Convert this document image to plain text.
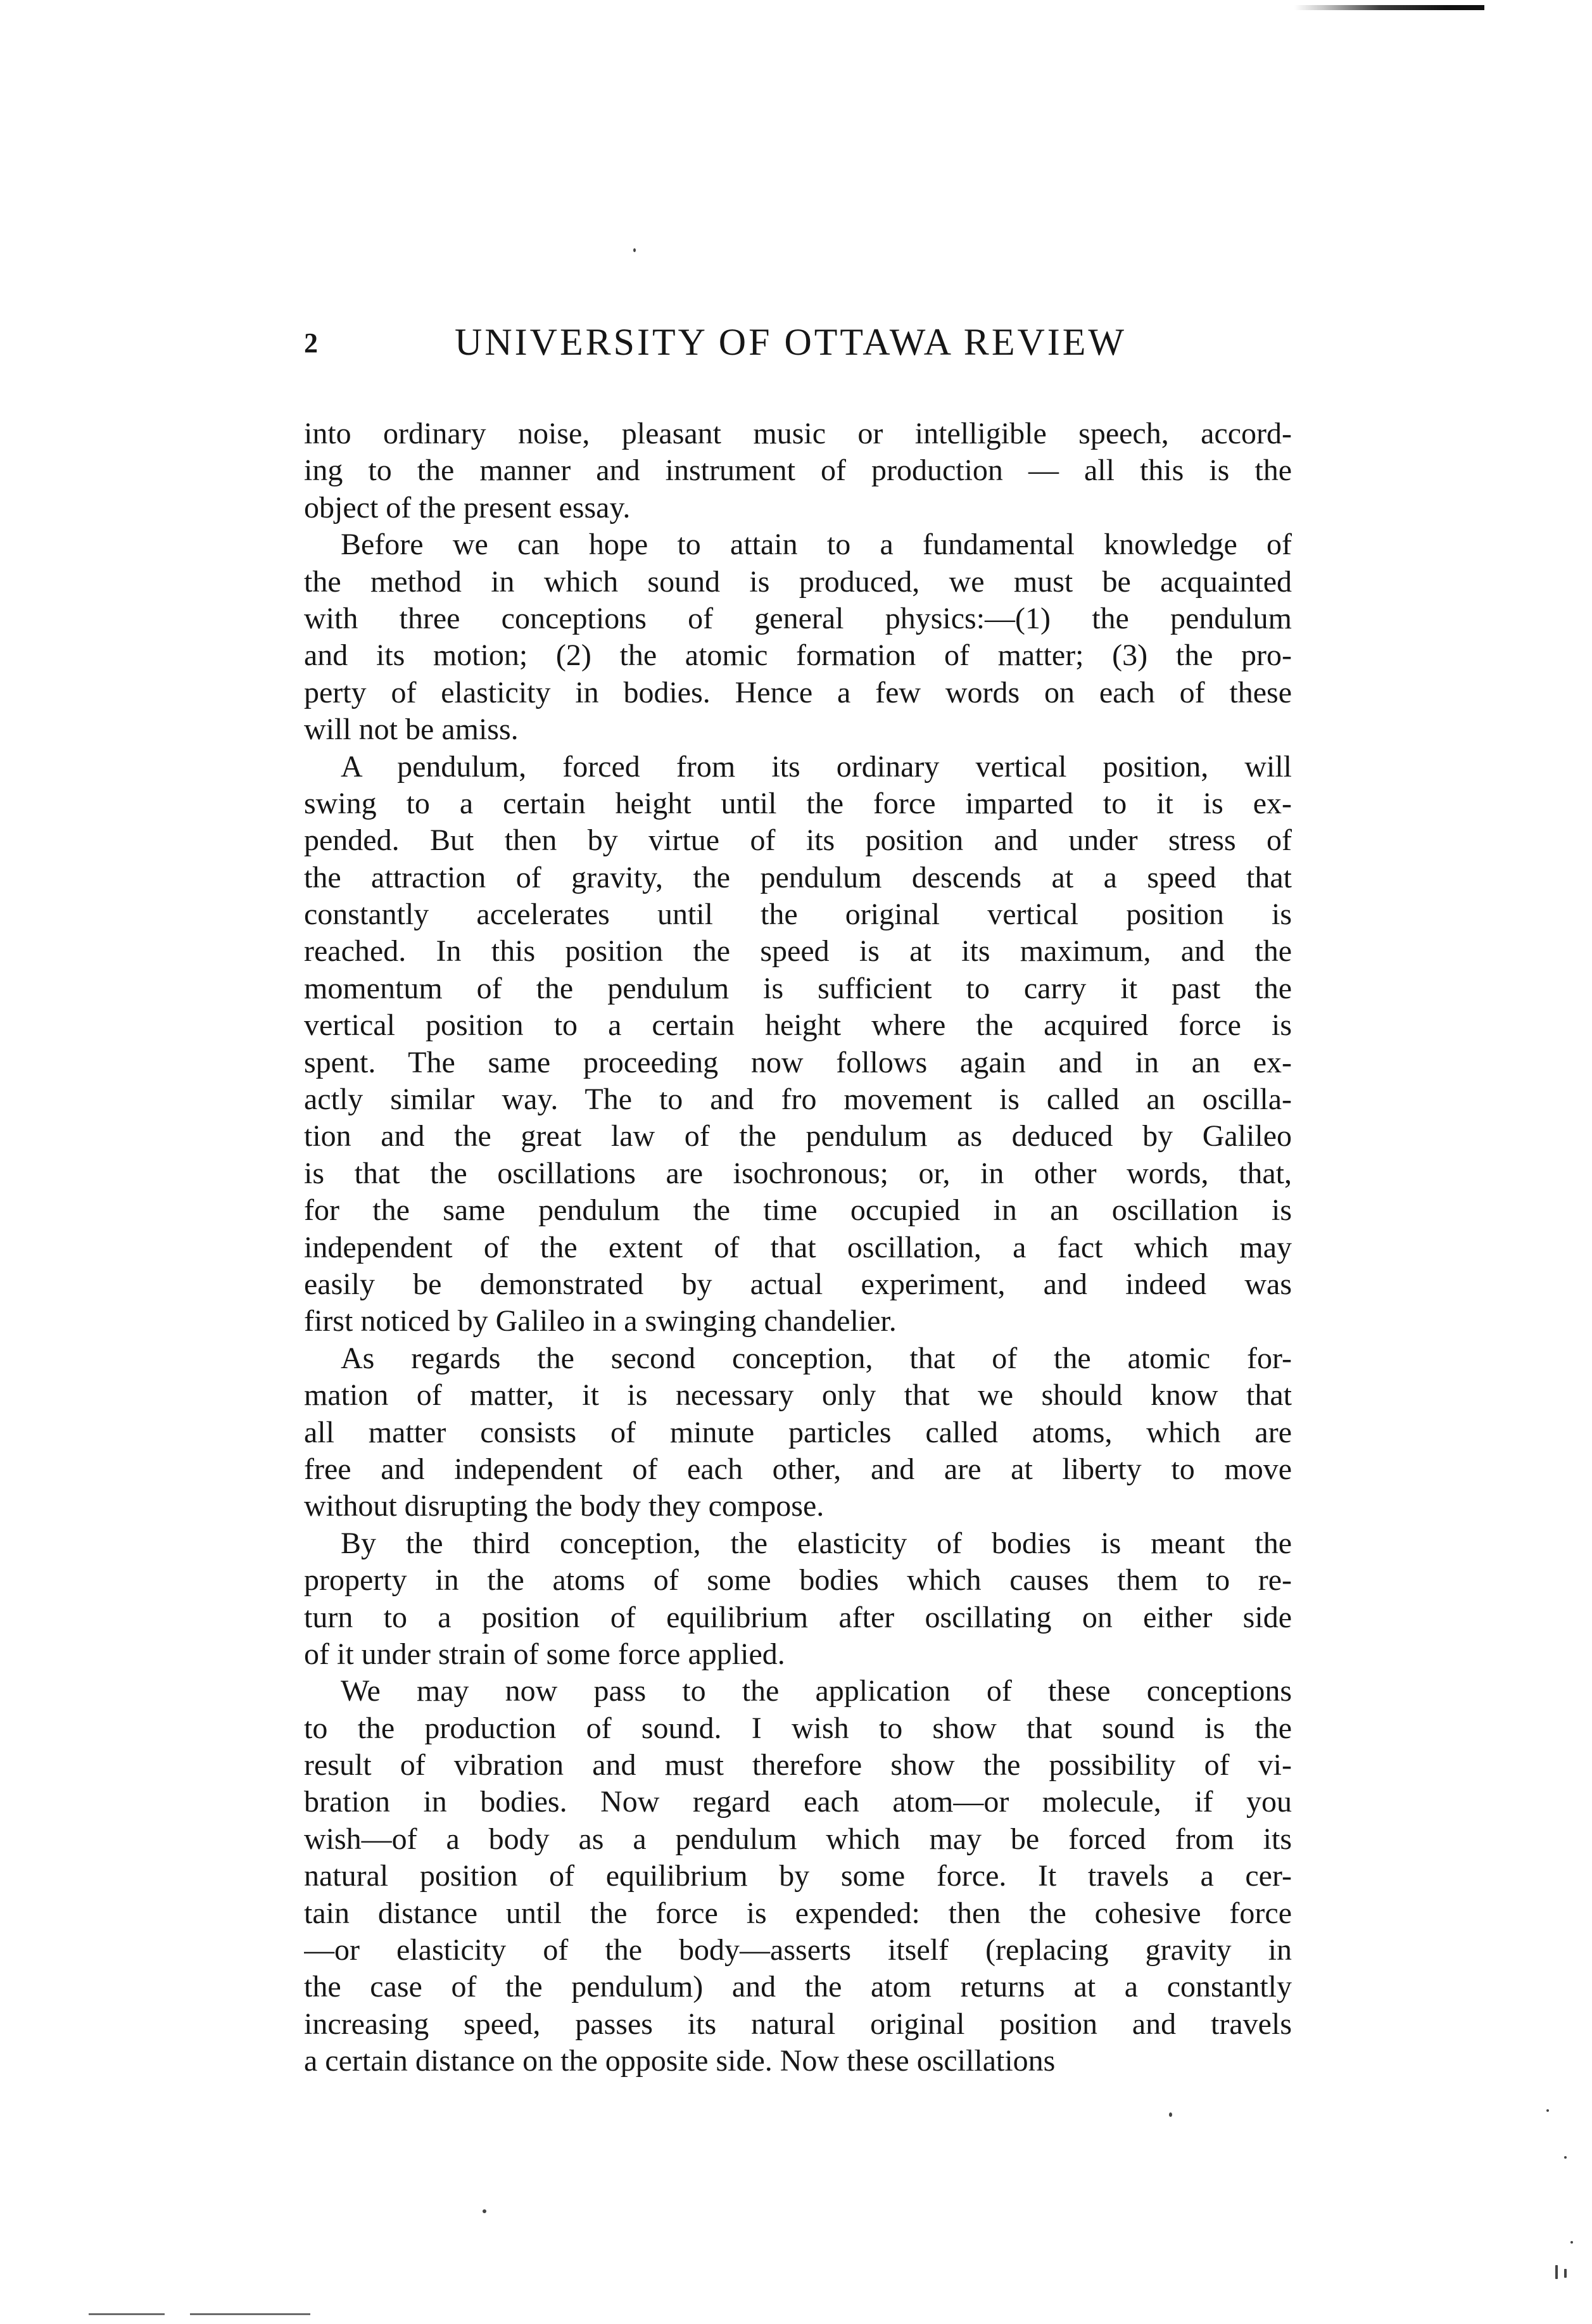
2	UNIVERSITY OF OTTAWA REVIEW
into ordinary noise, pleasant music or intelligible speech, accord-
ing to the manner and instrument of production — all this is the
object of the present essay.
Before we can hope to attain to a fundamental knowledge of
the method in which sound is produced, we must be acquainted
with three conceptions of general physics:—(1) the pendulum
and its motion; (2) the atomic formation of matter; (3) the pro-
perty of elasticity in bodies. Hence a few words on each of these
will not be amiss.
A pendulum, forced from its ordinary vertical position, will
swing to a certain height until the force imparted to it is ex-
pended. But then by virtue of its position and under stress of
the attraction of gravity, the pendulum descends at a speed that
constantly accelerates until the original vertical position is
reached. In this position the speed is at its maximum, and the
momentum of the pendulum is sufficient to carry it past the
vertical position to a certain height where the acquired force is
spent. The same proceeding now follows again and in an ex-
actly similar way. The to and fro movement is called an oscilla-
tion and the great law of the pendulum as deduced by Galileo
is that the oscillations are isochronous; or, in other words, that,
for the same pendulum the time occupied in an oscillation is
independent of the extent of that oscillation, a fact which may
easily be demonstrated by actual experiment, and indeed was
first noticed by Galileo in a swinging chandelier.
As regards the second conception, that of the atomic for-
mation of matter, it is necessary only that we should know that
all matter consists of minute particles called atoms, which are
free and independent of each other, and are at liberty to move
without disrupting the body they compose.
By the third conception, the elasticity of bodies is meant the
property in the atoms of some bodies which causes them to re-
turn to a position of equilibrium after oscillating on either side
of it under strain of some force applied.
We may now pass to the application of these conceptions
to the production of sound. I wish to show that sound is the
result of vibration and must therefore show the possibility of vi-
bration in bodies. Now regard each atom—or molecule, if you
wish—of a body as a pendulum which may be forced from its
natural position of equilibrium by some force. It travels a cer-
tain distance until the force is expended: then the cohesive force
—or elasticity of the body—asserts itself (replacing gravity in
the case of the pendulum) and the atom returns at a constantly
increasing speed, passes its natural original position and travels
a certain distance on the opposite side. Now these oscillations
